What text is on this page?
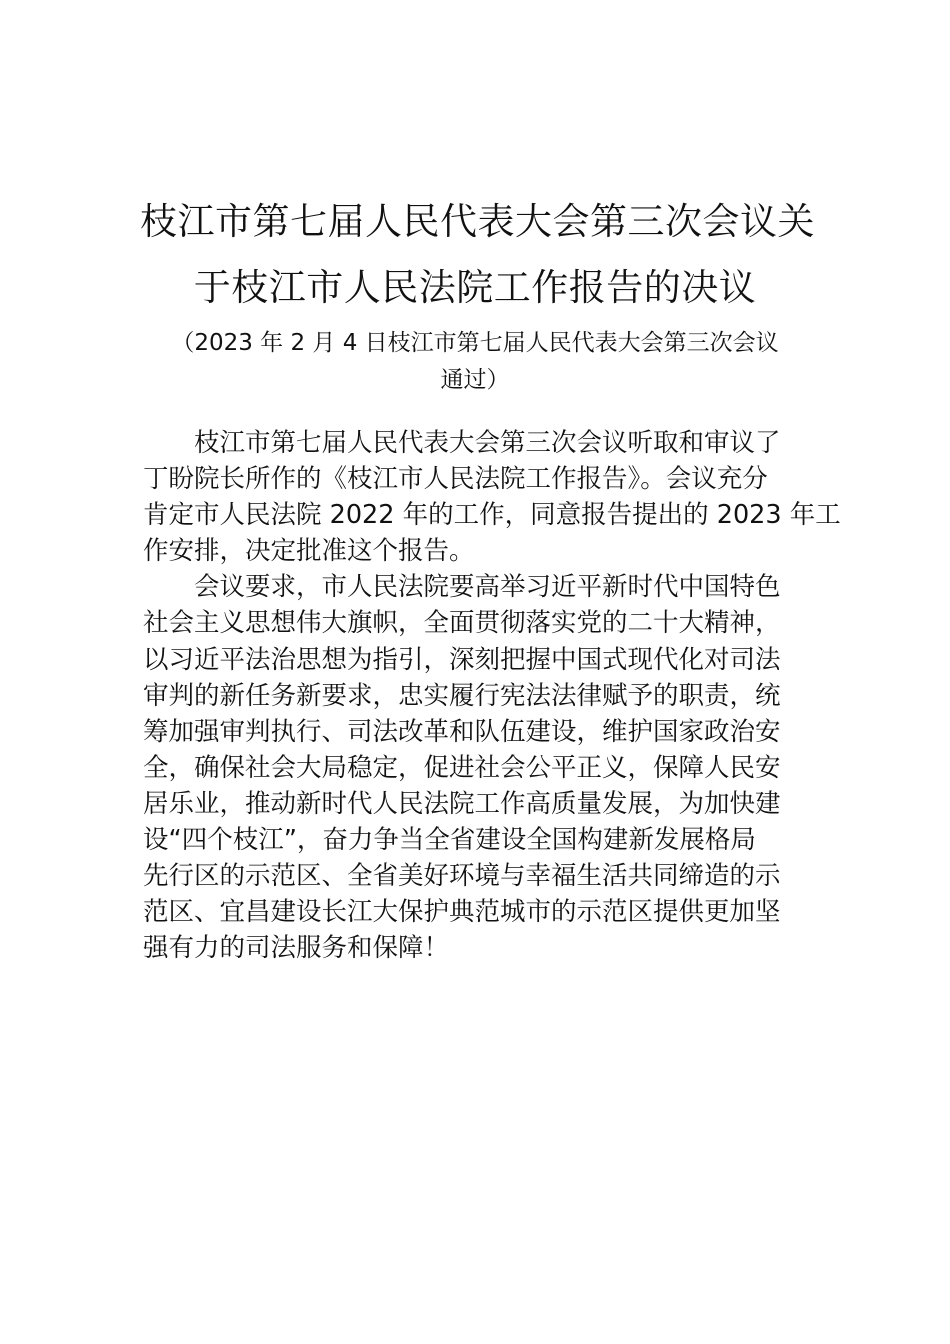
枝江市第七届人民代表大会第三次会议关
于枝江市人民法院工作报告的决议
（2023 年 2 月 4 日枝江市第七届人民代表大会第三次会议
通过）
　　枝江市第七届人民代表大会第三次会议听取和审议了
丁盼院长所作的《枝江市人民法院工作报告》。会议充分
肯定市人民法院 2022 年的工作，同意报告提出的 2023 年工
作安排，决定批准这个报告。
　　会议要求，市人民法院要高举习近平新时代中国特色
社会主义思想伟大旗帜，全面贯彻落实党的二十大精神，
以习近平法治思想为指引，深刻把握中国式现代化对司法
审判的新任务新要求，忠实履行宪法法律赋予的职责，统
筹加强审判执行、司法改革和队伍建设，维护国家政治安
全，确保社会大局稳定，促进社会公平正义，保障人民安
居乐业，推动新时代人民法院工作高质量发展，为加快建
设“四个枝江”，奋力争当全省建设全国构建新发展格局
先行区的示范区、全省美好环境与幸福生活共同缔造的示
范区、宜昌建设长江大保护典范城市的示范区提供更加坚
强有力的司法服务和保障！
